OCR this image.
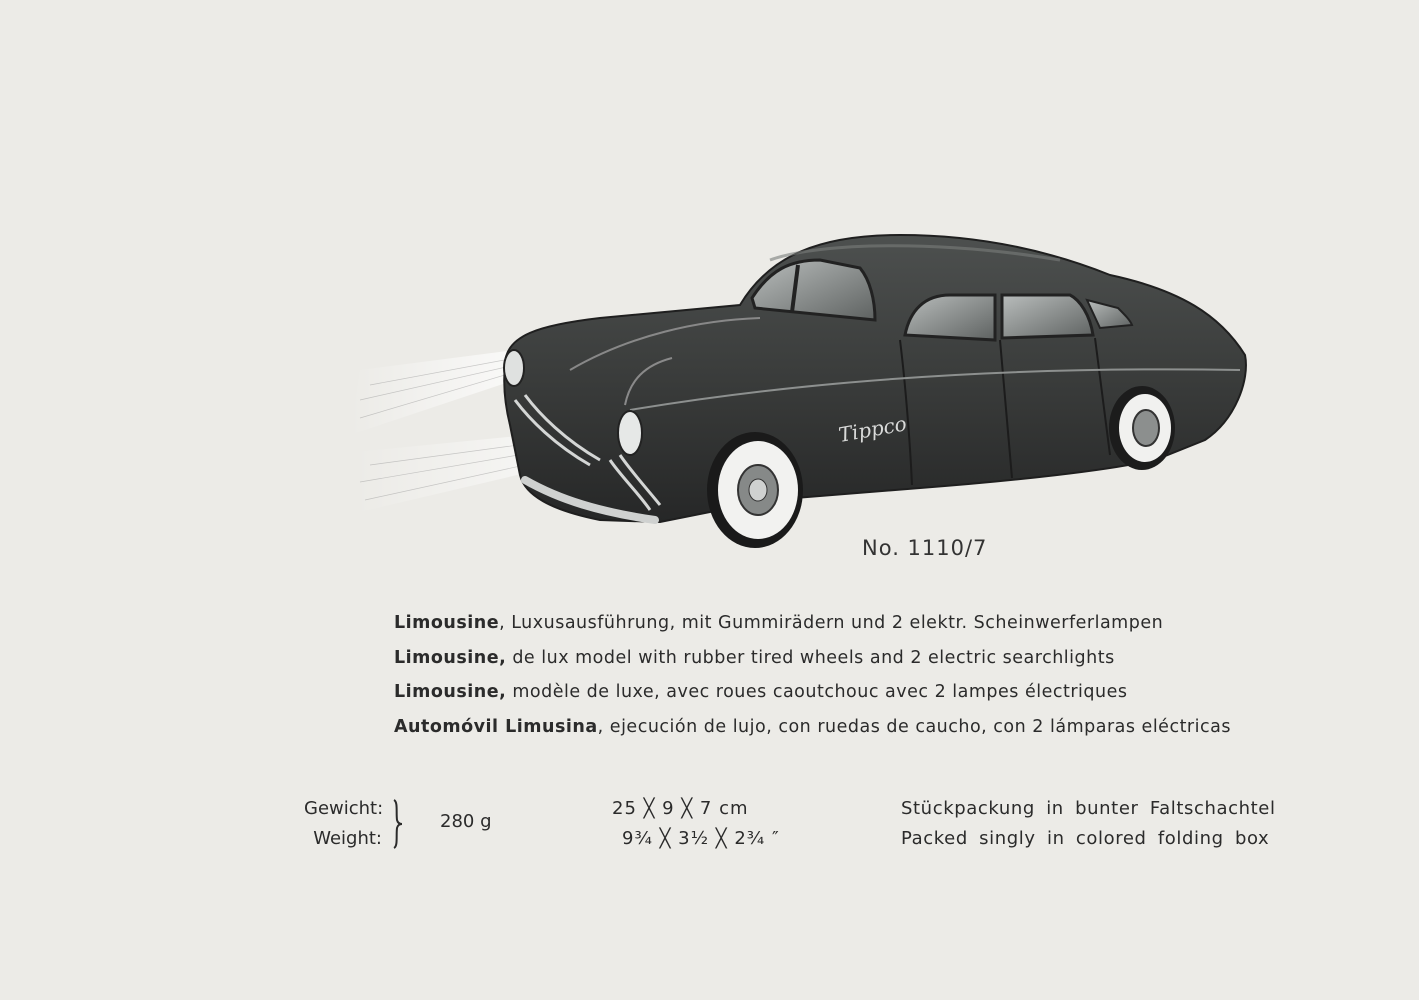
Tippco
No. 1110/7
Limousine, Luxusausführung, mit Gummirädern und 2 elektr. Scheinwerferlampen
Limousine, de lux model with rubber tired wheels and 2 electric searchlights
Limousine, modèle de luxe, avec roues caoutchouc avec 2 lampes électriques
Automóvil Limusina, ejecución de lujo, con ruedas de caucho, con 2 lámparas eléctricas
Gewicht:
Weight:
280 g
25 ╳ 9 ╳ 7 cm
9¾ ╳ 3½ ╳ 2¾ ″
Stückpackung in bunter Faltschachtel
Packed singly in colored folding box
